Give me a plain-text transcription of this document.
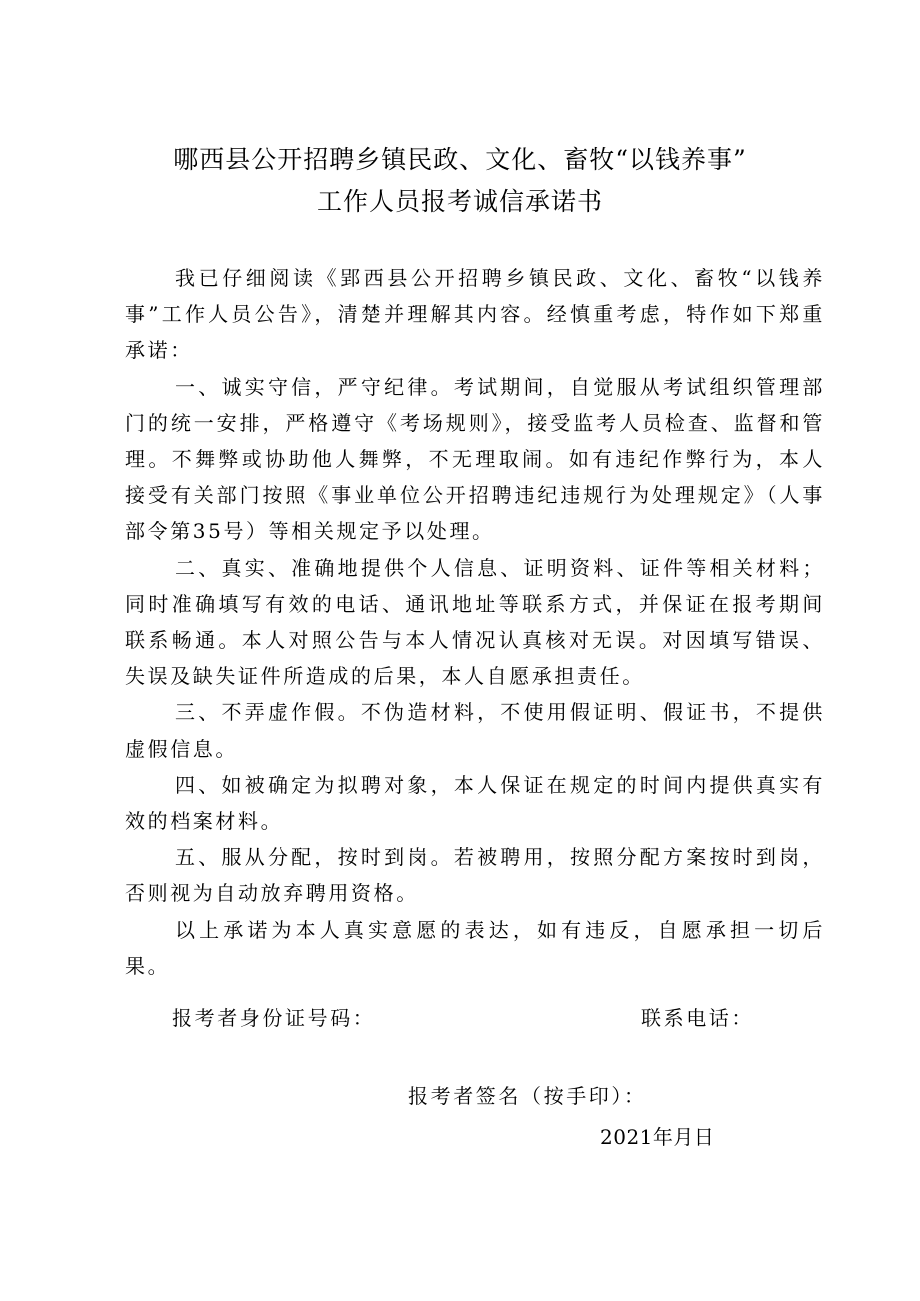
哪西县公开招聘乡镇民政、文化、畜牧“以钱养事”
工作人员报考诚信承诺书

我已仔细阅读《郢西县公开招聘乡镇民政、文化、畜牧“以钱养事”工作人员公告》，清楚并理解其内容。经慎重考虑，特作如下郑重承诺：

一、诚实守信，严守纪律。考试期间，自觉服从考试组织管理部门的统一安排，严格遵守《考场规则》，接受监考人员检查、监督和管理。不舞弊或协助他人舞弊，不无理取闹。如有违纪作弊行为，本人接受有关部门按照《事业单位公开招聘违纪违规行为处理规定》（人事部令第35号）等相关规定予以处理。

二、真实、准确地提供个人信息、证明资料、证件等相关材料；同时准确填写有效的电话、通讯地址等联系方式，并保证在报考期间联系畅通。本人对照公告与本人情况认真核对无误。对因填写错误、失误及缺失证件所造成的后果，本人自愿承担责任。

三、不弄虚作假。不伪造材料，不使用假证明、假证书，不提供虚假信息。

四、如被确定为拟聘对象，本人保证在规定的时间内提供真实有效的档案材料。

五、服从分配，按时到岗。若被聘用，按照分配方案按时到岗，否则视为自动放弃聘用资格。

以上承诺为本人真实意愿的表达，如有违反，自愿承担一切后果。

报考者身份证号码：	联系电话：
报考者签名（按手印）：
2021年月日
